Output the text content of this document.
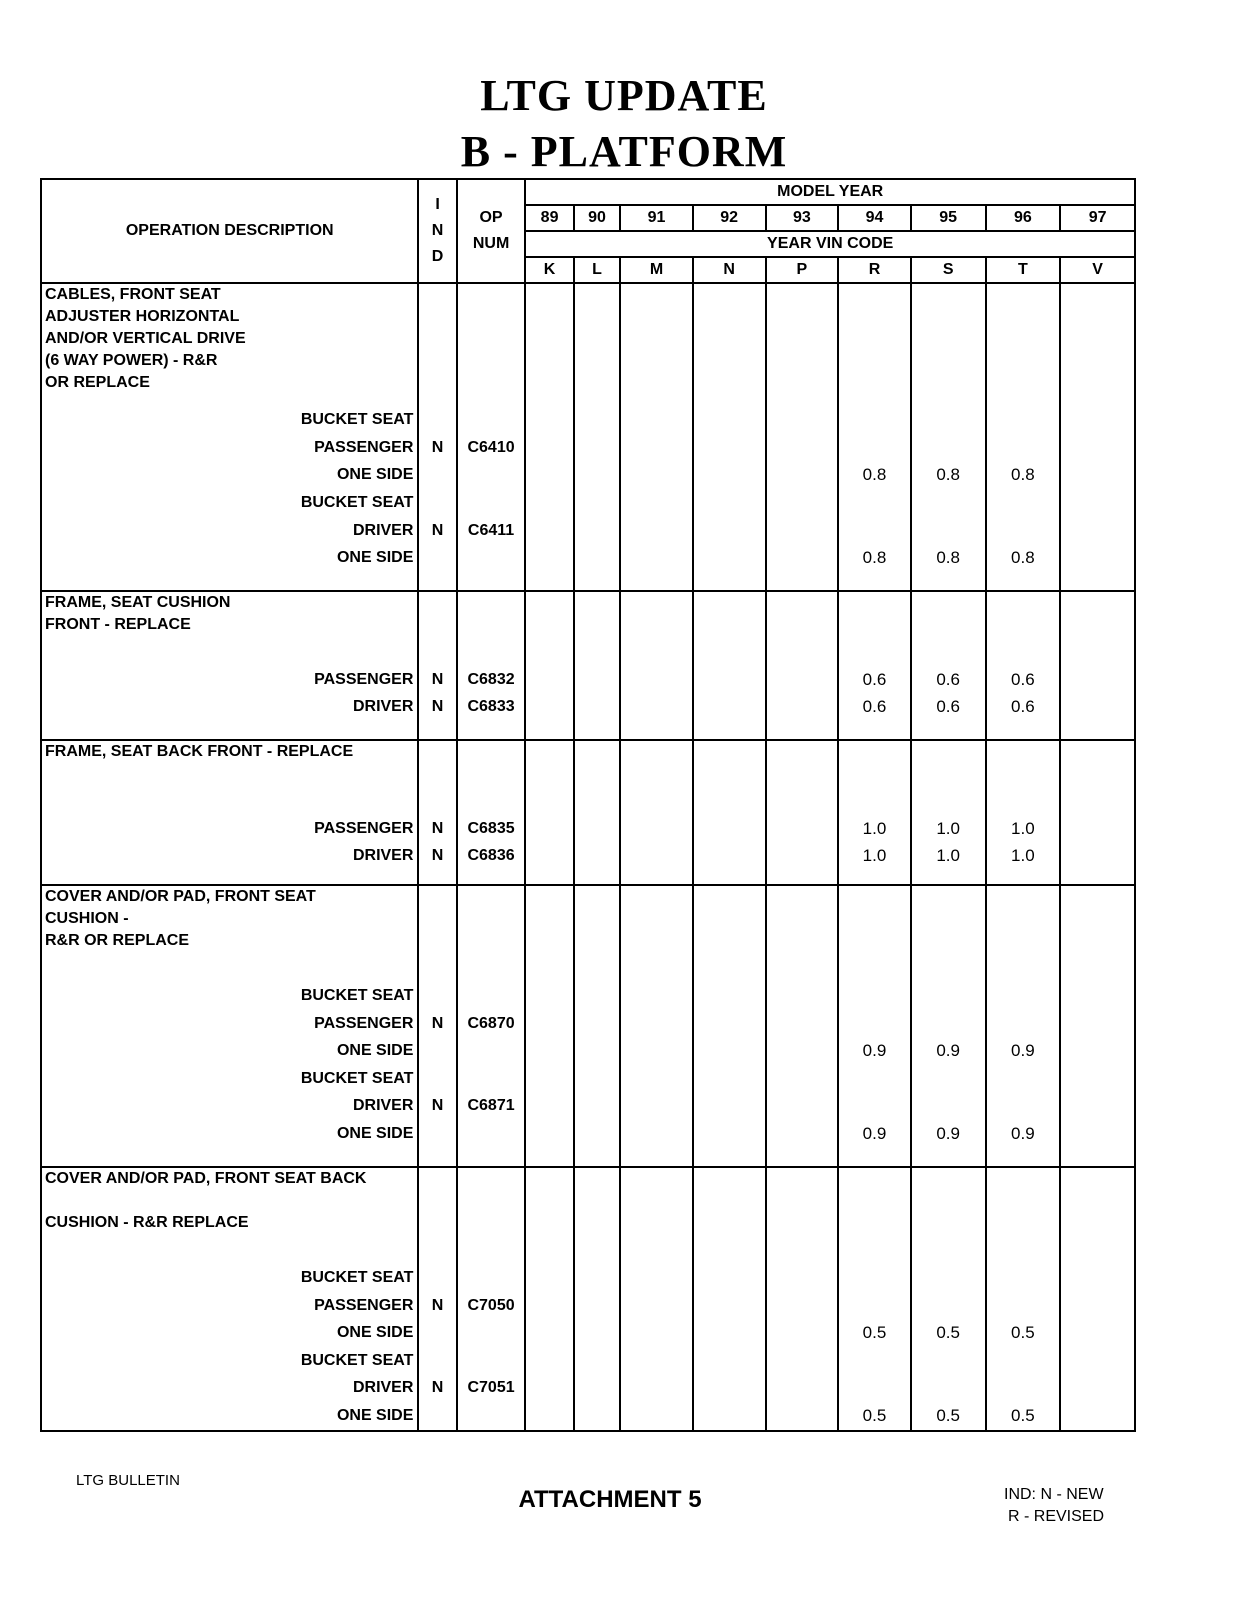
LTG UPDATE
B - PLATFORM
OPERATION DESCRIPTION	I
N
D	OP
NUM	MODEL YEAR								
			89	90	91	92	93	94	95	96	97
			YEAR VIN CODE								
			K	L	M	N	P	R	S	T	V
CABLES, FRONT SEAT
ADJUSTER HORIZONTAL
AND/OR VERTICAL DRIVE
(6 WAY POWER) - R&R
OR REPLACE											
BUCKET SEAT											
PASSENGER	N	C6410									
ONE SIDE								0.8	0.8	0.8	
BUCKET SEAT											
DRIVER	N	C6411									
ONE SIDE								0.8	0.8	0.8	

FRAME, SEAT CUSHION
FRONT - REPLACE											
PASSENGER	N	C6832						0.6	0.6	0.6	
DRIVER	N	C6833						0.6	0.6	0.6	

FRAME, SEAT BACK FRONT - REPLACE											
PASSENGER	N	C6835						1.0	1.0	1.0	
DRIVER	N	C6836						1.0	1.0	1.0	

COVER AND/OR PAD, FRONT SEAT
CUSHION -
R&R OR REPLACE											
BUCKET SEAT											
PASSENGER	N	C6870									
ONE SIDE								0.9	0.9	0.9	
BUCKET SEAT											
DRIVER	N	C6871									
ONE SIDE								0.9	0.9	0.9	

COVER AND/OR PAD, FRONT SEAT BACK

CUSHION - R&R REPLACE											
BUCKET SEAT											
PASSENGER	N	C7050									
ONE SIDE								0.5	0.5	0.5	
BUCKET SEAT											
DRIVER	N	C7051									
ONE SIDE								0.5	0.5	0.5	

LTG BULLETIN
ATTACHMENT 5	IND: N - NEW
R - REVISED
